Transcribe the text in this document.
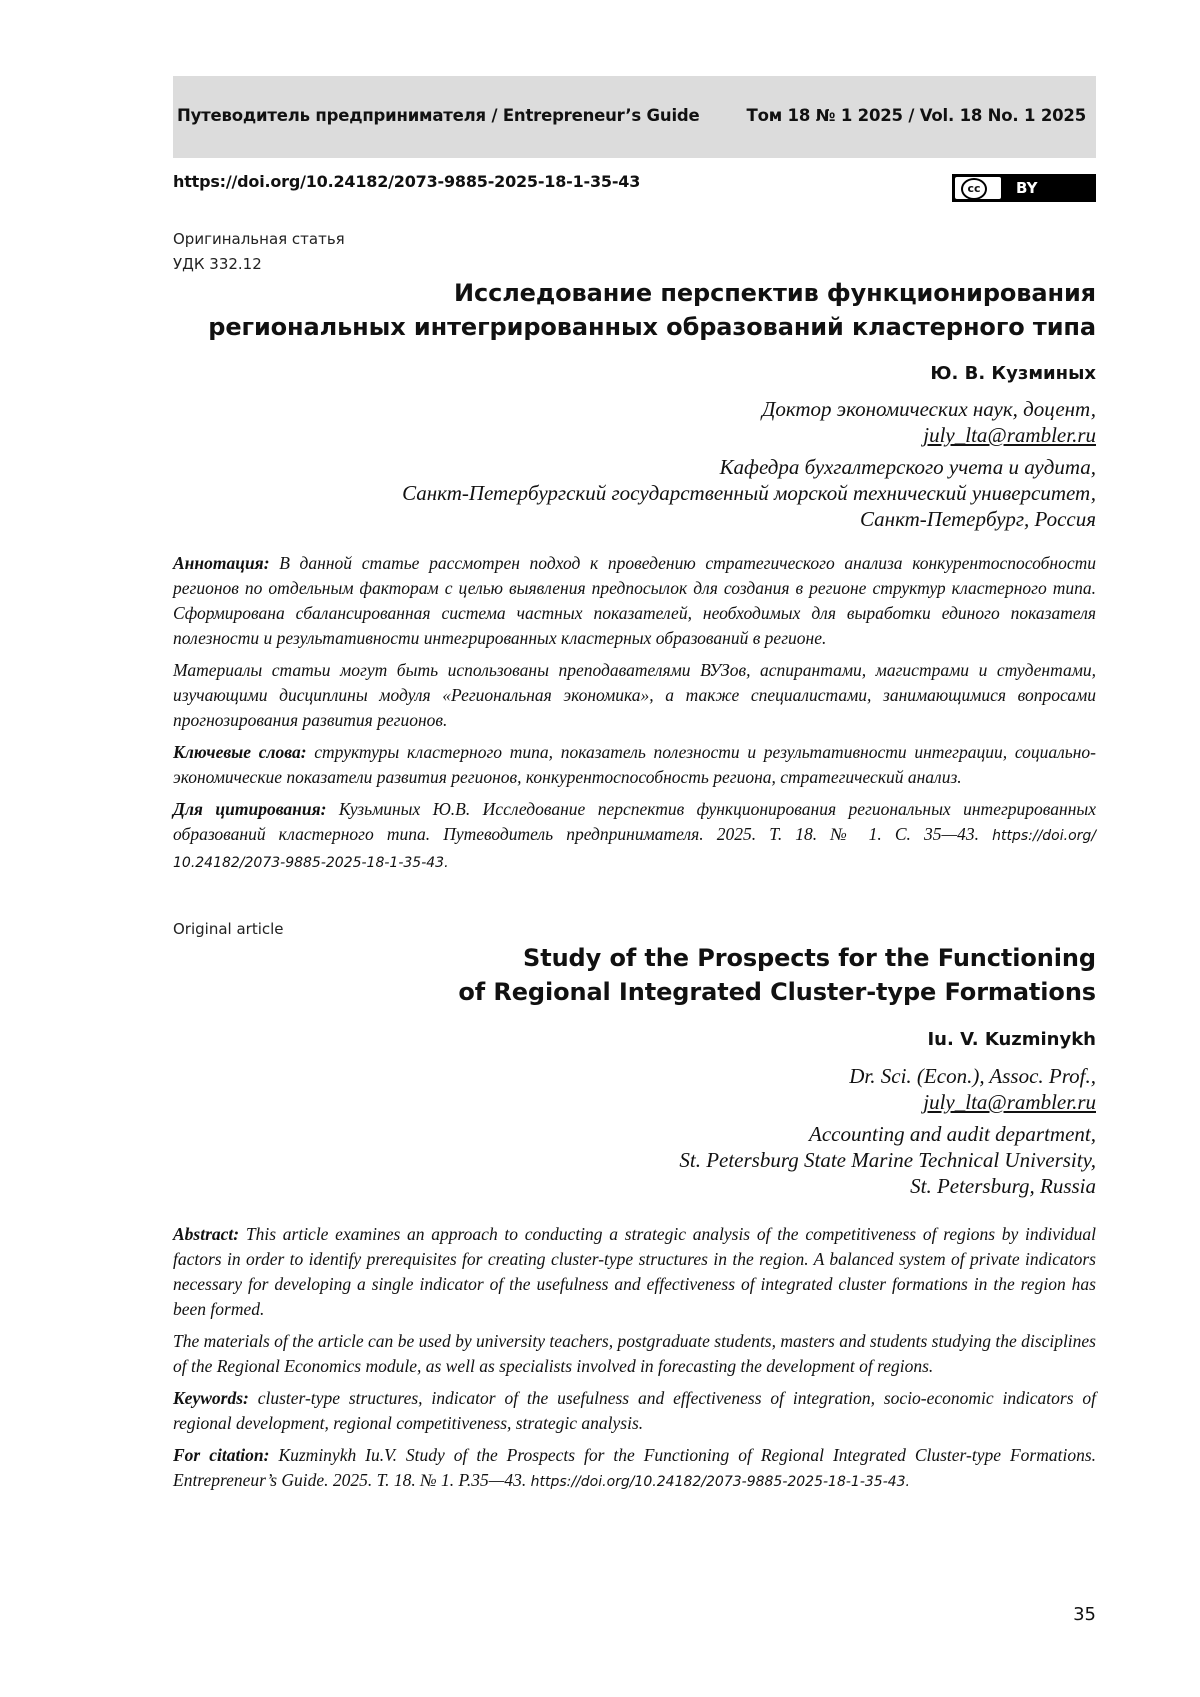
Путеводитель предпринимателя / Entrepreneur’s Guide	Том 18 № 1 2025 / Vol. 18 No. 1 2025
https://doi.org/10.24182/2073-9885-2025-18-1-35-43	cc	BY
Оригинальная статья
УДК 332.12
Исследование перспектив функционирования
региональных интегрированных образований кластерного типа
Ю. В. Кузминых
Доктор экономических наук, доцент,
july_lta@rambler.ru
Кафедра бухгалтерского учета и аудита,
Санкт-Петербургский государственный морской технический университет,
Санкт-Петербург, Россия

Аннотация: В данной статье рассмотрен подход к проведению стратегического анализа конкурентоспособности регионов по отдельным факторам с целью выявления предпосылок для создания в регионе структур кластерного типа. Сформирована сбалансированная система частных показателей, необходимых для выработки единого показателя полезности и результативности интегрированных кластерных образований в регионе.

Материалы статьи могут быть использованы преподавателями ВУЗов, аспирантами, магистрами и студентами, изучающими дисциплины модуля «Региональная экономика», а также специалистами, занимающимися вопросами прогнозирования развития регионов.

Ключевые слова: структуры кластерного типа, показатель полезности и результативности интеграции, социально-экономические показатели развития регионов, конкурентоспособность региона, стратегический анализ.

Для цитирования: Кузьминых Ю.В. Исследование перспектив функционирования региональных интегрированных образований кластерного типа. Путеводитель предпринимателя. 2025. Т. 18. № 1. С. 35—43. https://doi.org/ 10.24182/2073-9885-2025-18-1-35-43.

Original article
Study of the Prospects for the Functioning
of Regional Integrated Cluster-type Formations
Iu. V. Kuzminykh
Dr. Sci. (Econ.), Assoc. Prof.,
july_lta@rambler.ru
Accounting and audit department,
St. Petersburg State Marine Technical University,
St. Petersburg, Russia

Abstract: This article examines an approach to conducting a strategic analysis of the competitiveness of regions by individual factors in order to identify prerequisites for creating cluster-type structures in the region. A balanced system of private indicators necessary for developing a single indicator of the usefulness and effectiveness of integrated cluster formations in the region has been formed.

The materials of the article can be used by university teachers, postgraduate students, masters and students studying the disciplines of the Regional Economics module, as well as specialists involved in forecasting the development of regions.

Keywords: cluster-type structures, indicator of the usefulness and effectiveness of integration, socio-economic indicators of regional development, regional competitiveness, strategic analysis.

For citation: Kuzminykh Iu.V. Study of the Prospects for the Functioning of Regional Integrated Cluster-type Formations. Entrepreneur’s Guide. 2025. T. 18. № 1. P.35—43. https://doi.org/10.24182/2073-9885-2025-18-1-35-43.

35
